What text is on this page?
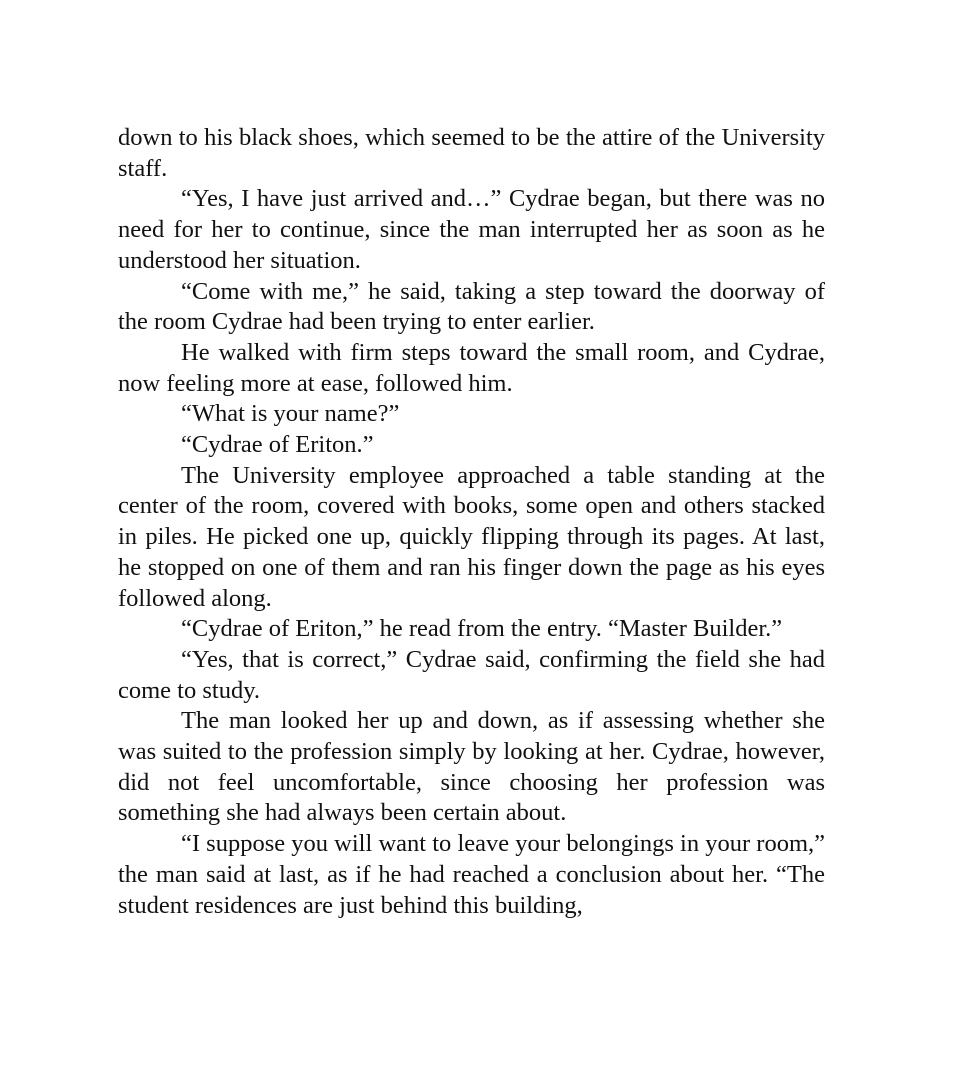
down to his black shoes, which seemed to be the attire of the University staff.

“Yes, I have just arrived and…” Cydrae began, but there was no need for her to continue, since the man interrupted her as soon as he understood her situation.

“Come with me,” he said, taking a step toward the doorway of the room Cydrae had been trying to enter earlier.

He walked with firm steps toward the small room, and Cydrae, now feeling more at ease, followed him.

“What is your name?”

“Cydrae of Eriton.”

The University employee approached a table standing at the center of the room, covered with books, some open and others stacked in piles. He picked one up, quickly flipping through its pages. At last, he stopped on one of them and ran his finger down the page as his eyes followed along.

“Cydrae of Eriton,” he read from the entry. “Master Builder.”

“Yes, that is correct,” Cydrae said, confirming the field she had come to study.

The man looked her up and down, as if assessing whether she was suited to the profession simply by looking at her. Cydrae, however, did not feel uncomfortable, since choosing her profession was something she had always been certain about.

“I suppose you will want to leave your belongings in your room,” the man said at last, as if he had reached a conclusion about her. “The student residences are just behind this building,
